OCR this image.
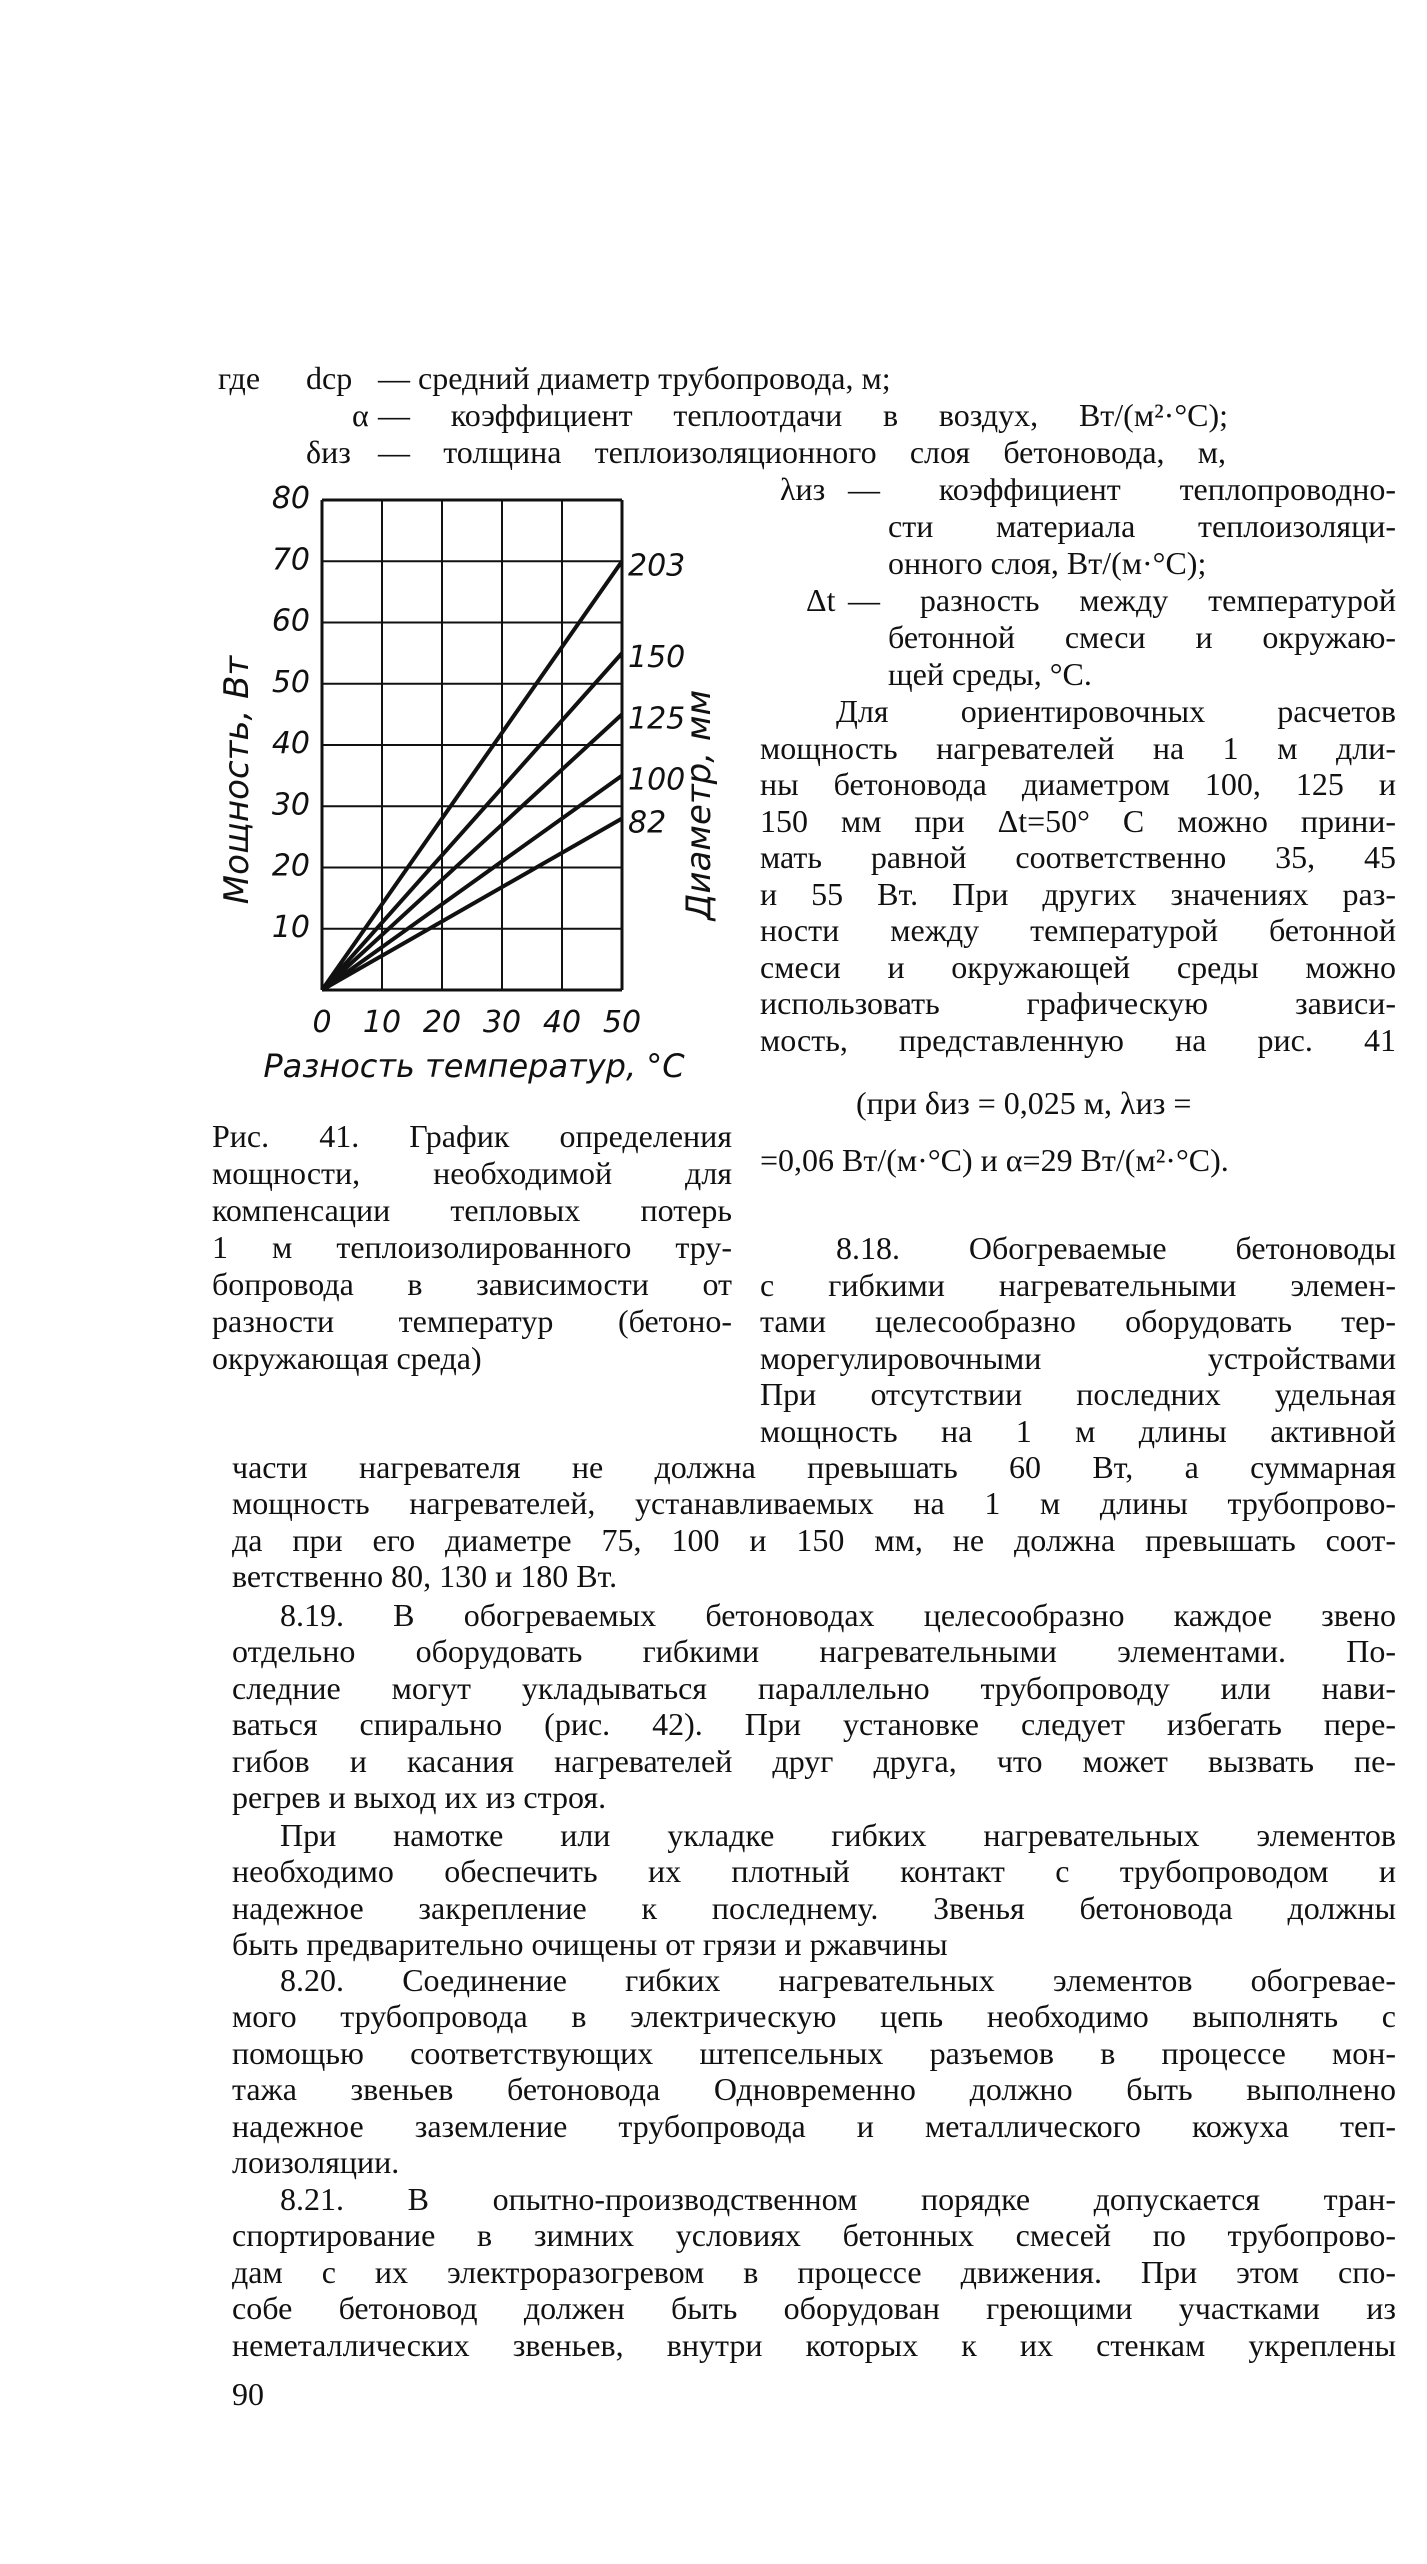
где dср — средний диаметр трубопровода, м;
α — коэффициент теплоотдачи в воздух, Вт/(м²·°С);
δиз — толщина теплоизоляционного слоя бетоновода, м,
λиз — коэффициент теплопроводно-
сти материала теплоизоляци-
онного слоя, Вт/(м·°С);
Δt — разность между температурой
бетонной смеси и окружаю-
щей среды, °С.
203
150
125
100
82
0 10 20 30 40 50
10
20
30
40
50
60
70
80
Мощность, Вт	Диаметр, мм
Разность температур, °С
Для ориентировочных расчетов
мощность нагревателей на 1 м дли-
ны бетоновода диаметром 100, 125 и
150 мм при Δt=50° С можно прини-
мать равной соответственно 35, 45
и 55 Вт. При других значениях раз-
ности между температурой бетонной
смеси и окружающей среды можно
использовать графическую зависи-
мость, представленную на рис. 41
(при δиз = 0,025 м, λиз =
=0,06 Вт/(м·°С) и α=29 Вт/(м²·°С).
Рис. 41. График определения
мощности, необходимой для
компенсации тепловых потерь
1 м теплоизолированного тру-
бопровода в зависимости от
разности температур (бетоно-
окружающая среда)
8.18. Обогреваемые бетоноводы
с гибкими нагревательными элемен-
тами целесообразно оборудовать тер-
морегулировочными устройствами
При отсутствии последних удельная
мощность на 1 м длины активной
части нагревателя не должна превышать 60 Вт, а суммарная
мощность нагревателей, устанавливаемых на 1 м длины трубопрово-
да при его диаметре 75, 100 и 150 мм, не должна превышать соот-
ветственно 80, 130 и 180 Вт.
8.19. В обогреваемых бетоноводах целесообразно каждое звено
отдельно оборудовать гибкими нагревательными элементами. По-
следние могут укладываться параллельно трубопроводу или нави-
ваться спирально (рис. 42). При установке следует избегать пере-
гибов и касания нагревателей друг друга, что может вызвать пе-
регрев и выход их из строя.
При намотке или укладке гибких нагревательных элементов
необходимо обеспечить их плотный контакт с трубопроводом и
надежное закрепление к последнему. Звенья бетоновода должны
быть предварительно очищены от грязи и ржавчины
8.20. Соединение гибких нагревательных элементов обогревае-
мого трубопровода в электрическую цепь необходимо выполнять с
помощью соответствующих штепсельных разъемов в процессе мон-
тажа звеньев бетоновода Одновременно должно быть выполнено
надежное заземление трубопровода и металлического кожуха теп-
лоизоляции.
8.21. В опытно-производственном порядке допускается тран-
спортирование в зимних условиях бетонных смесей по трубопрово-
дам с их электроразогревом в процессе движения. При этом спо-
собе бетоновод должен быть оборудован греющими участками из
неметаллических звеньев, внутри которых к их стенкам укреплены
90
